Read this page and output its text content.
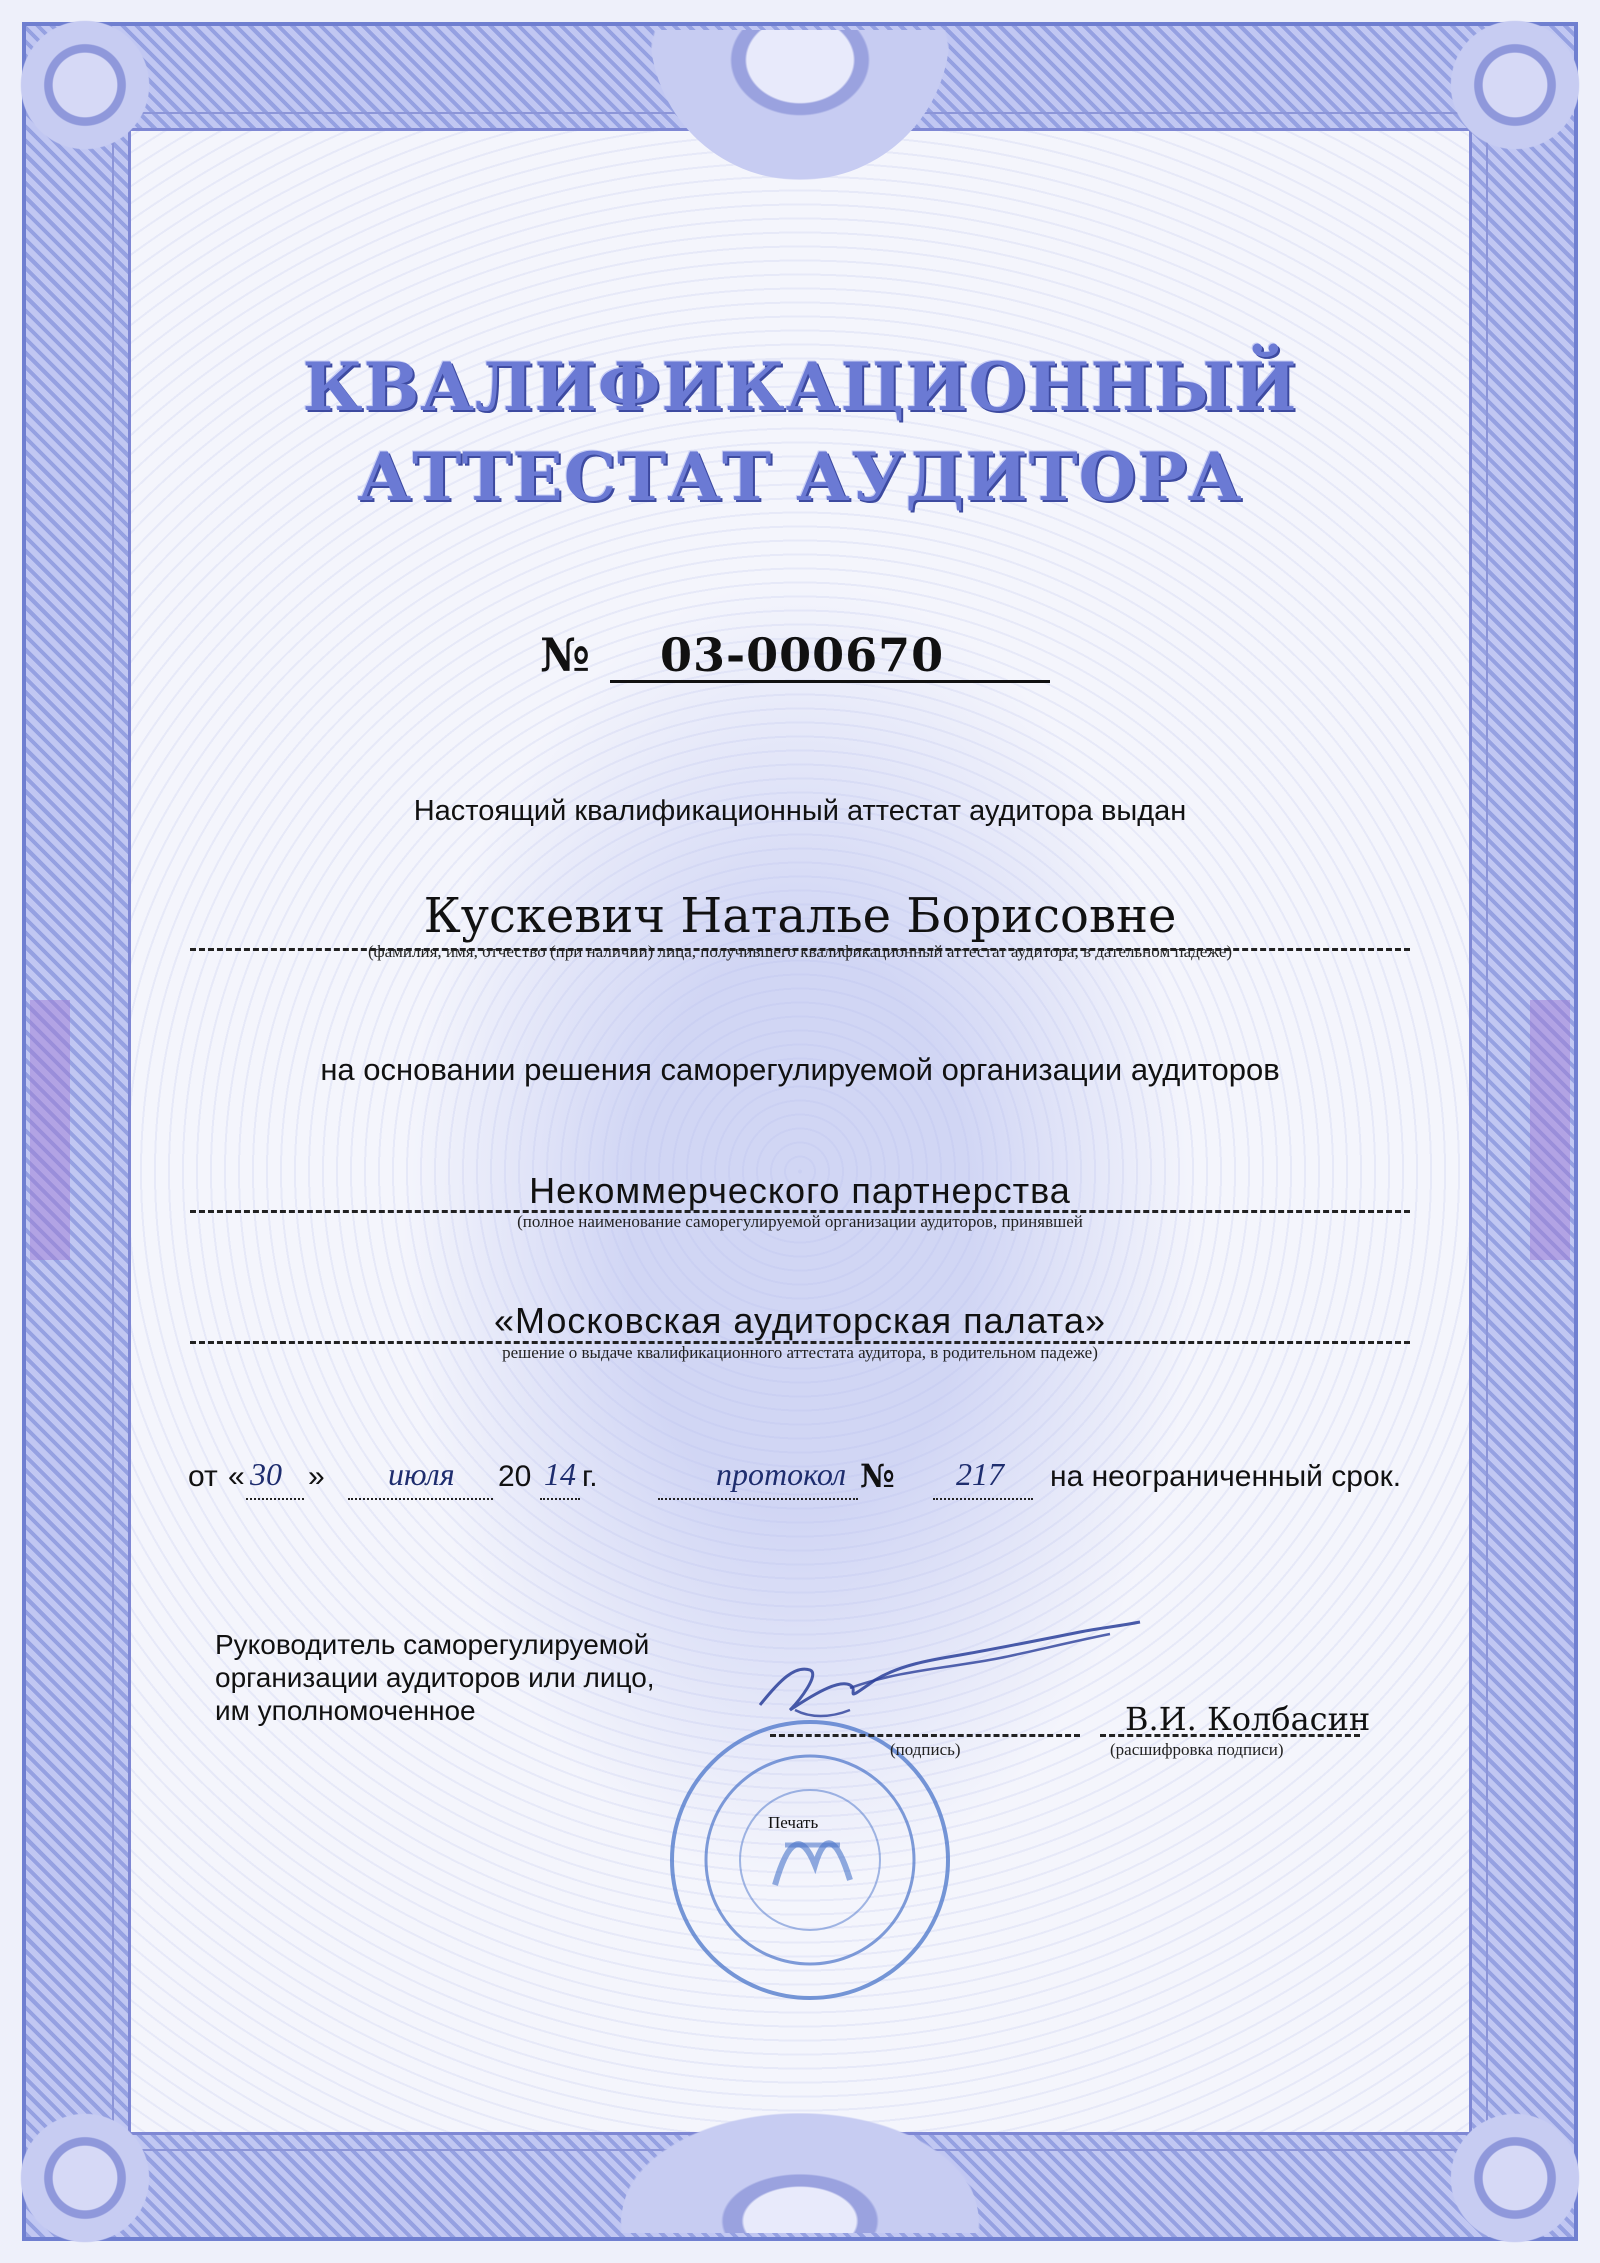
КВАЛИФИКАЦИОННЫЙ
АТТЕСТАТ АУДИТОРА
№ 03-000670
Настоящий квалификационный аттестат аудитора выдан
Кускевич Наталье Борисовне
(фамилия, имя, отчество (при наличии) лица, получившего квалификационный аттестат аудитора, в дательном падеже)
на основании решения саморегулируемой организации аудиторов
Некоммерческого партнерства
(полное наименование саморегулируемой организации аудиторов, принявшей
«Московская аудиторская палата»
решение о выдаче квалификационного аттестата аудитора, в родительном падеже)
от « 30 » июля 20 14 г.	протокол № 217 на неограниченный срок.
Руководитель саморегулируемой
организации аудиторов или лицо,
им уполномоченное
Печать
(подпись)
В.И. Колбасин
(расшифровка подписи)
